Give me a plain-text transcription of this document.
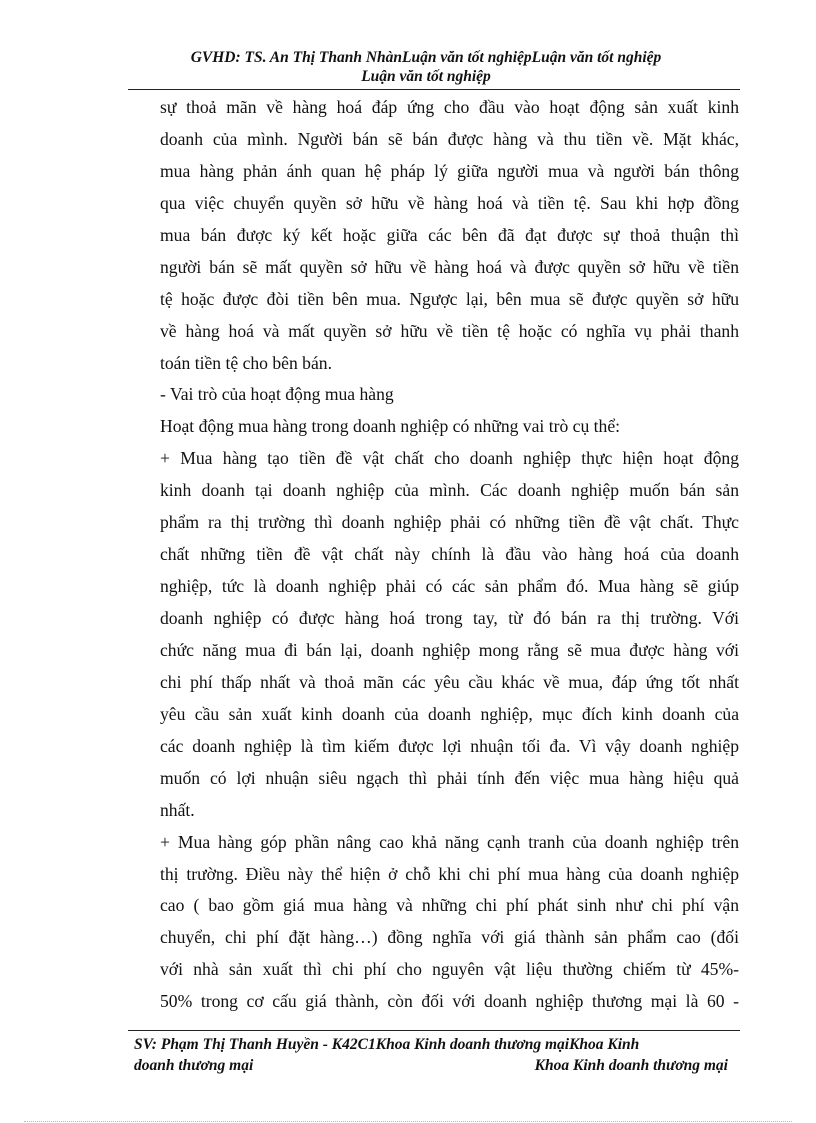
GVHD: TS. An Thị Thanh NhànLuận văn tốt nghiệpLuận văn tốt nghiệp
Luận văn tốt nghiệp
sự thoả mãn về hàng hoá đáp ứng cho đầu vào hoạt động sản xuất kinh
doanh của mình. Người bán sẽ bán được hàng và thu tiền về. Mặt khác,
mua hàng phản ánh quan hệ pháp lý giữa người mua và người bán thông
qua việc chuyển quyền sở hữu về hàng hoá và tiền tệ. Sau khi hợp đồng
mua bán được ký kết hoặc giữa các bên đã đạt được sự thoả thuận thì
người bán sẽ mất quyền sở hữu về hàng hoá và được quyền sở hữu về tiền
tệ hoặc được đòi tiền bên mua. Ngược lại, bên mua sẽ được quyền sở hữu
về hàng hoá và mất quyền sở hữu về tiền tệ hoặc có nghĩa vụ phải thanh
toán tiền tệ cho bên bán.
- Vai trò của hoạt động mua hàng
Hoạt động mua hàng trong doanh nghiệp có những vai trò cụ thể:
+ Mua hàng tạo tiền đề vật chất cho doanh nghiệp thực hiện hoạt động
kinh doanh tại doanh nghiệp của mình. Các doanh nghiệp muốn bán sản
phẩm ra thị trường thì doanh nghiệp phải có những tiền đề vật chất. Thực
chất những tiền đề vật chất này chính là đầu vào hàng hoá của doanh
nghiệp, tức là doanh nghiệp phải có các sản phẩm đó. Mua hàng sẽ giúp
doanh nghiệp có được hàng hoá trong tay, từ đó bán ra thị trường. Với
chức năng mua đi bán lại, doanh nghiệp mong rằng sẽ mua được hàng với
chi phí thấp nhất và thoả mãn các yêu cầu khác về mua, đáp ứng tốt nhất
yêu cầu sản xuất kinh doanh của doanh nghiệp, mục đích kinh doanh của
các doanh nghiệp là tìm kiếm được lợi nhuận tối đa. Vì vậy doanh nghiệp
muốn có lợi nhuận siêu ngạch thì phải tính đến việc mua hàng hiệu quả
nhất.
+ Mua hàng góp phần nâng cao khả năng cạnh tranh của doanh nghiệp trên
thị trường. Điều này thể hiện ở chỗ khi chi phí mua hàng của doanh nghiệp
cao ( bao gồm giá mua hàng và những chi phí phát sinh như chi phí vận
chuyển, chi phí đặt hàng…) đồng nghĩa với giá thành sản phẩm cao (đối
với nhà sản xuất thì chi phí cho nguyên vật liệu thường chiếm từ 45%-
50% trong cơ cấu giá thành, còn đối với doanh nghiệp thương mại là 60 -
SV: Phạm Thị Thanh Huyền - K42C1Khoa Kinh doanh thương mạiKhoa Kinh
doanh thương mại	Khoa Kinh doanh thương mại
